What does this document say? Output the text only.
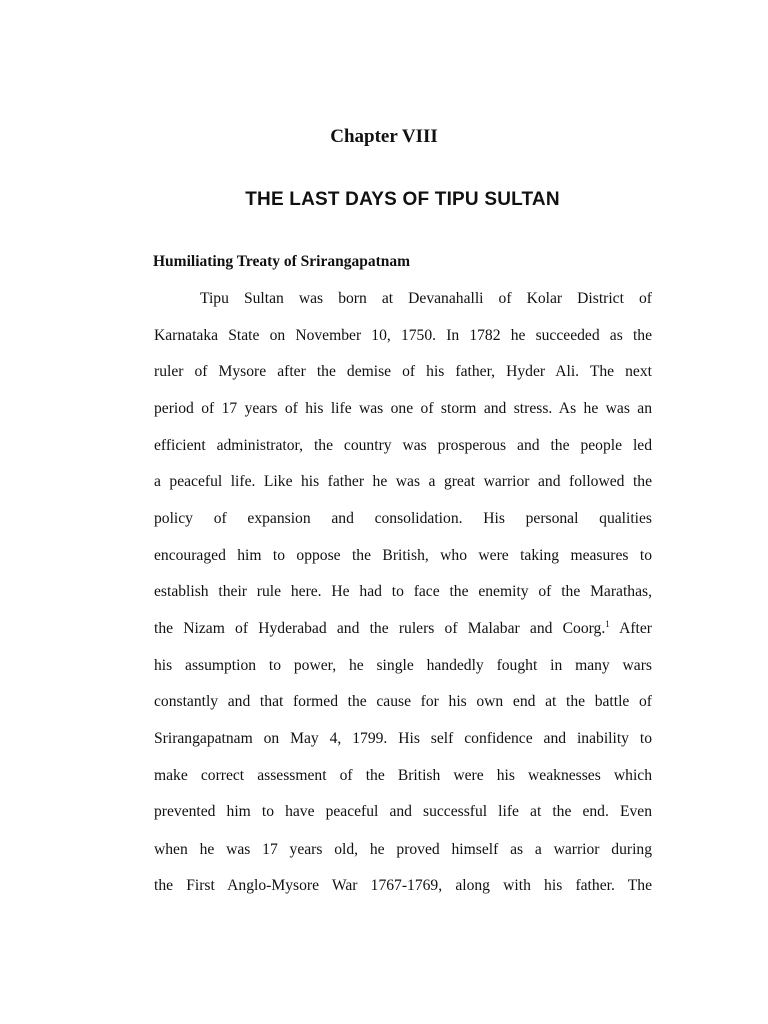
Chapter VIII
THE LAST DAYS OF TIPU SULTAN
Humiliating Treaty of Srirangapatnam
Tipu Sultan was born at Devanahalli of Kolar District of
Karnataka State on November 10, 1750. In 1782 he succeeded as the
ruler of Mysore after the demise of his father, Hyder Ali. The next
period of 17 years of his life was one of storm and stress. As he was an
efficient administrator, the country was prosperous and the people led
a peaceful life. Like his father he was a great warrior and followed the
policy of expansion and consolidation. His personal qualities
encouraged him to oppose the British, who were taking measures to
establish their rule here. He had to face the enemity of the Marathas,
the Nizam of Hyderabad and the rulers of Malabar and Coorg.$^1$ After
his assumption to power, he single handedly fought in many wars
constantly and that formed the cause for his own end at the battle of
Srirangapatnam on May 4, 1799. His self confidence and inability to
make correct assessment of the British were his weaknesses which
prevented him to have peaceful and successful life at the end. Even
when he was 17 years old, he proved himself as a warrior during
the First Anglo-Mysore War 1767-1769, along with his father. The
